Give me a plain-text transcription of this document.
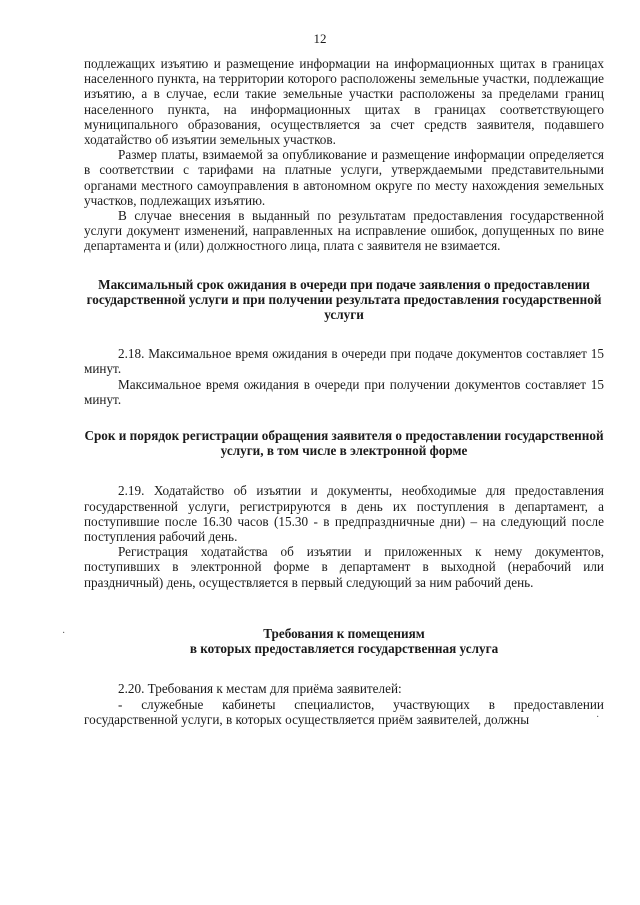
12

подлежащих изъятию и размещение информации на информационных щитах в границах населенного пункта, на территории которого расположены земельные участки, подлежащие изъятию, а в случае, если такие земельные участки расположены за пределами границ населенного пункта, на информационных щитах в границах соответствующего муниципального образования, осуществляется за счет средств заявителя, подавшего ходатайство об изъятии земельных участков.

Размер платы, взимаемой за опубликование и размещение информации определяется в соответствии с тарифами на платные услуги, утверждаемыми представительными органами местного самоуправления в автономном округе по месту нахождения земельных участков, подлежащих изъятию.

В случае внесения в выданный по результатам предоставления государственной услуги документ изменений, направленных на исправление ошибок, допущенных по вине департамента и (или) должностного лица, плата с заявителя не взимается.

Максимальный срок ожидания в очереди при подаче заявления о предоставлении государственной услуги и при получении результата предоставления государственной услуги

2.18. Максимальное время ожидания в очереди при подаче документов составляет 15 минут.

Максимальное время ожидания в очереди при получении документов составляет 15 минут.

Срок и порядок регистрации обращения заявителя о предоставлении государственной услуги, в том числе в электронной форме

2.19. Ходатайство об изъятии и документы, необходимые для предоставления государственной услуги, регистрируются в день их поступления в департамент, а поступившие после 16.30 часов (15.30 - в предпраздничные дни) – на следующий после поступления рабочий день.

Регистрация ходатайства об изъятии и приложенных к нему документов, поступивших в электронной форме в департамент в выходной (нерабочий или праздничный) день, осуществляется в первый следующий за ним рабочий день.

Требования к помещениям
в которых предоставляется государственная услуга

2.20. Требования к местам для приёма заявителей:

- служебные кабинеты специалистов, участвующих в предоставлении государственной услуги, в которых осуществляется приём заявителей, должны

·
·
